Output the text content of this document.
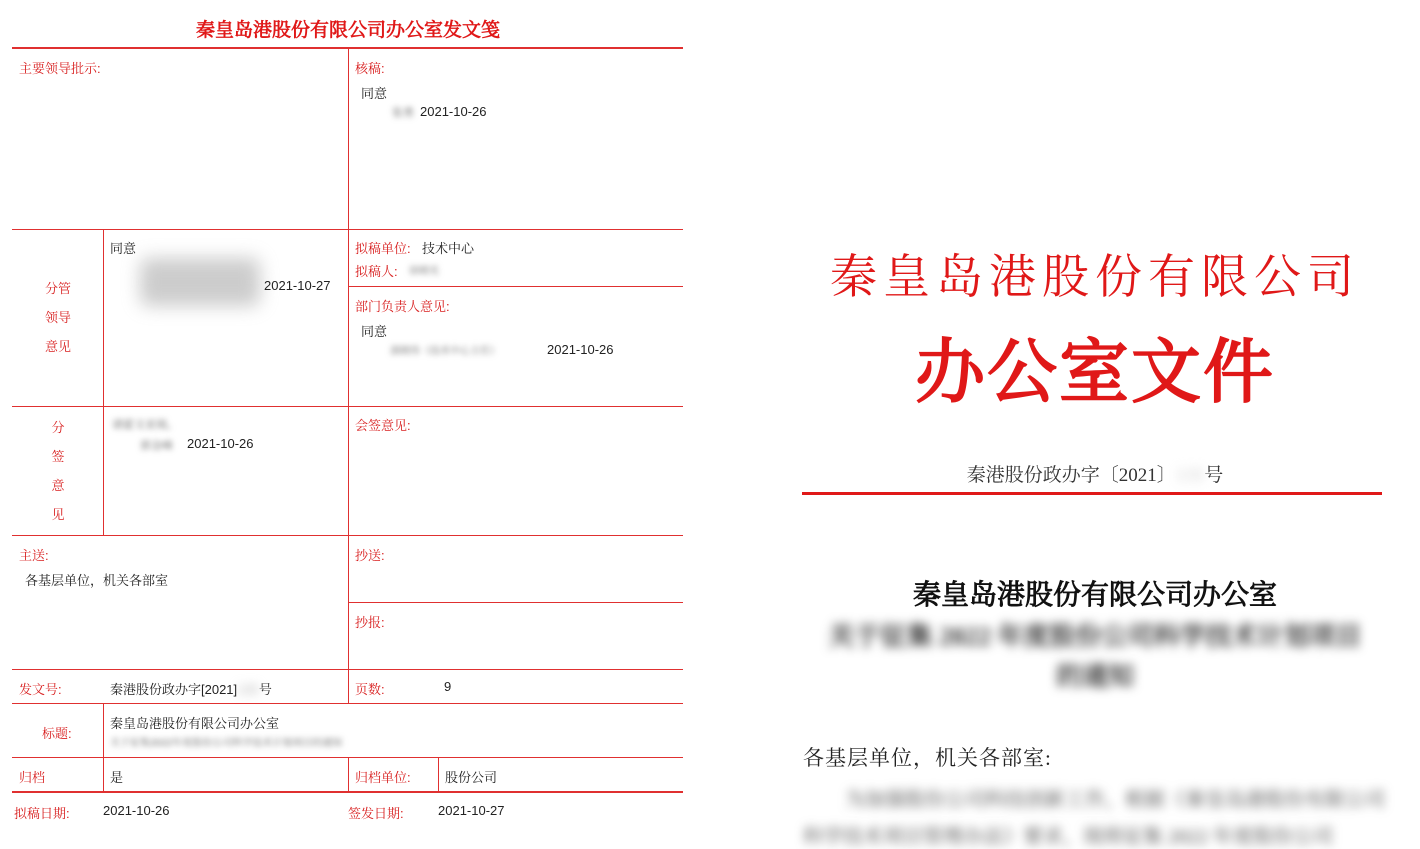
秦皇岛港股份有限公司办公室发文笺
主要领导批示:	核稿:
同意
张勇 2021-10-26
分管
领导
意见
同意
2021-10-27
拟稿单位: 技术中心
拟稿人: 徐晓光
部门负责人意见:
同意
邵晓伟（技术中心主任）	2021-10-26
分
签
意
见
请霍文亚阅。
郭金峰 2021-10-26
会签意见:
主送:
各基层单位，机关各部室
抄送:
抄报:
发文号:	秦港股份政办字[2021]135号	页数:	9
标题:
秦皇岛港股份有限公司办公室
关于征集2022年度股份公司科学技术计划项目的通知
归档	是	归档单位:	股份公司
拟稿日期:	2021-10-26	签发日期:	2021-10-27
秦皇岛港股份有限公司
办公室文件
秦港股份政办字〔2021〕135号
秦皇岛港股份有限公司办公室
关于征集 2022 年度股份公司科学技术计划项目
的通知
各基层单位，机关各部室:
为加强股份公司科技创新工作，根据《秦皇岛港股份有限公司
科学技术项目管理办法》要求，现将征集 2022 年度股份公司
